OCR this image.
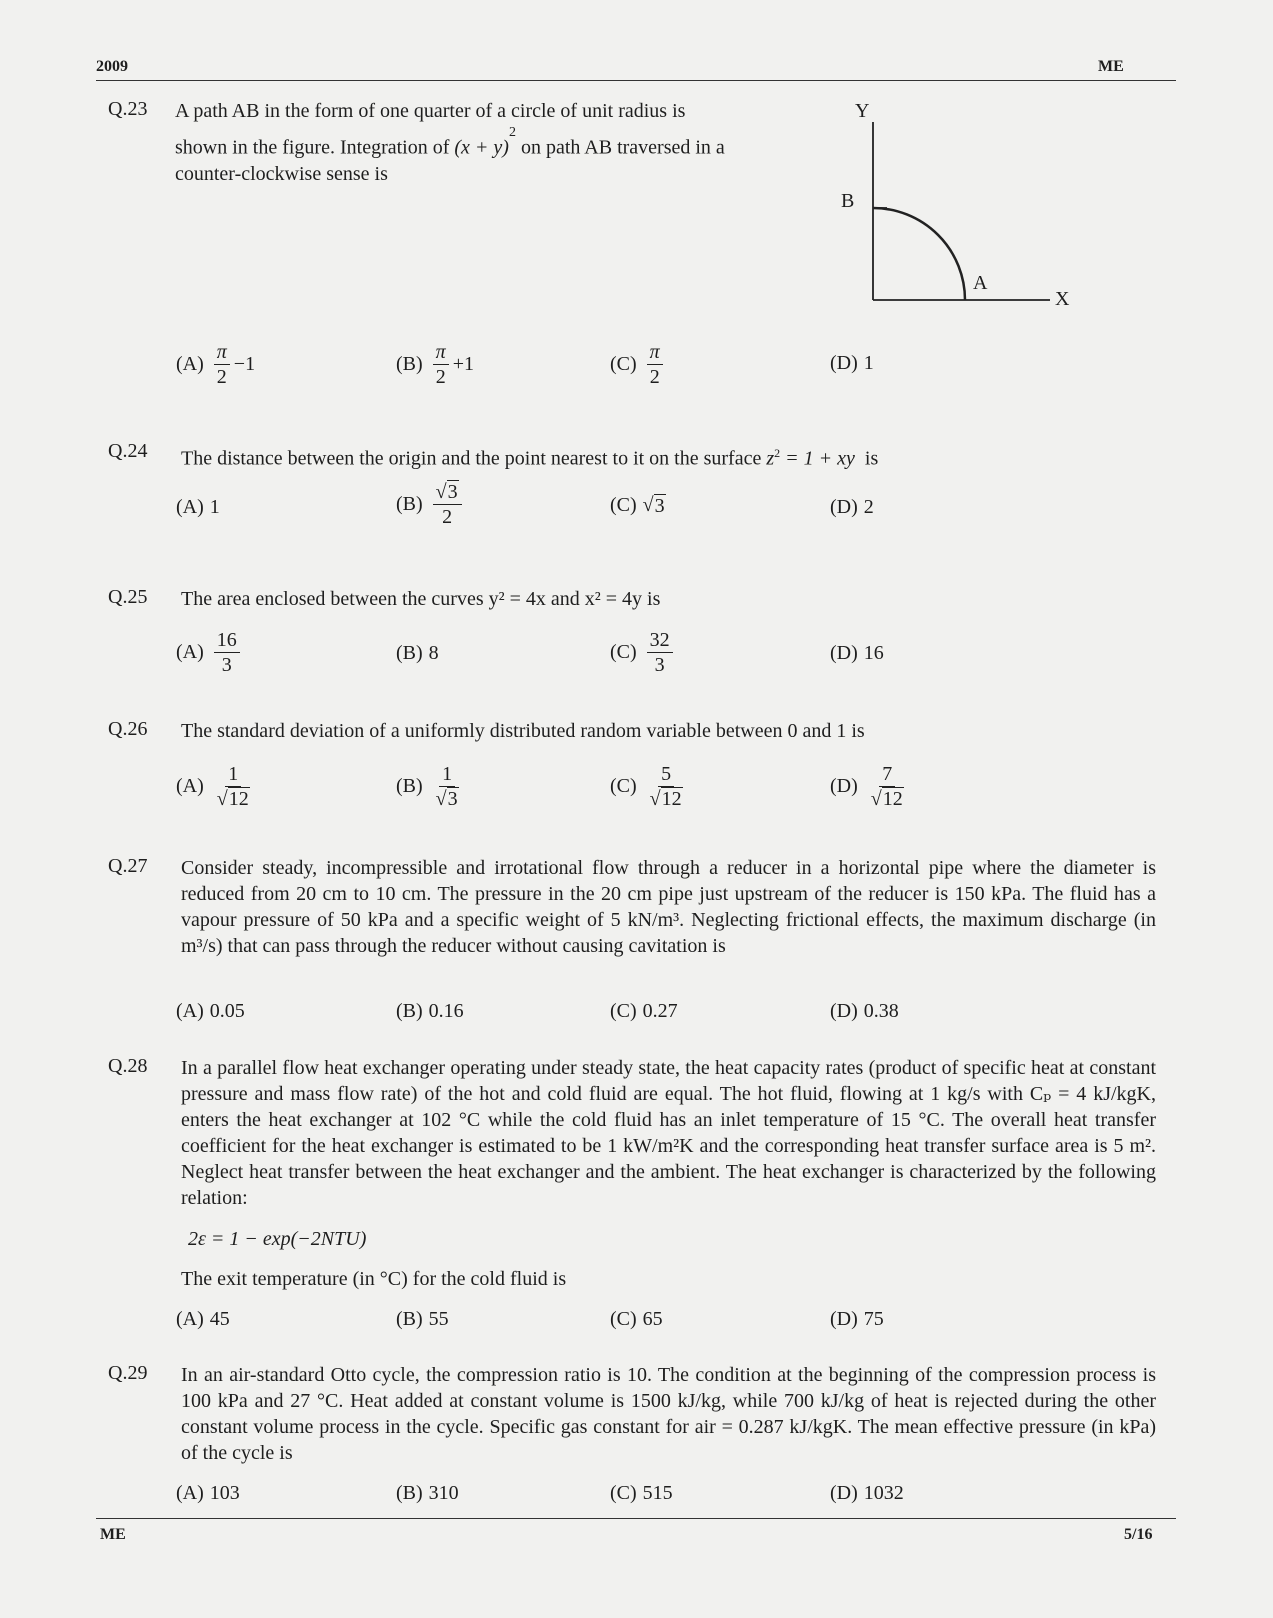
2009	ME
Q.23 A path AB in the form of one quarter of a circle of unit radius is
shown in the figure. Integration of $(x + y)^2$ on path AB traversed in a
counter-clockwise sense is
Y
X
B
A
$(A) \frac{\pi}{2} -1$	$(B) \frac{\pi}{2} +1$	$(C) \frac{\pi}{2}$	(D) 1
Q.24 The distance between the origin and the point nearest to it on the surface $z^2 = 1$ + xy is
(A) 1	$(B) \frac{√ 3}{2}$	(C) √ 3	(D) 2
Q.25 The area enclosed between the curves y² = 4x and x² = 4y is
$(A) \frac{16}{3}$	(B) 8	$(C) \frac{32}{3}$	(D) 16
Q.26 The standard deviation of a uniformly distributed random variable between 0 and 1 is
$(A) \frac{1}{√ 12}$	$(B) \frac{1}{√ 3}$	$(C) \frac{5}{√ 12}$	$(D) \frac{7}{√ 12}$
Q.27 Consider steady, incompressible and irrotational flow through a reducer in a horizontal pipe where the diameter is reduced from 20 cm to 10 cm. The pressure in the 20 cm pipe just upstream of the reducer is 150 kPa. The fluid has a vapour pressure of 50 kPa and a specific weight of 5 kN/m³. Neglecting frictional effects, the maximum discharge (in m³/s) that can pass through the reducer without causing cavitation is
(A) 0.05	(B) 0.16	(C) 0.27	(D) 0.38
Q.28 In a parallel flow heat exchanger operating under steady state, the heat capacity rates (product of specific heat at constant pressure and mass flow rate) of the hot and cold fluid are equal. The hot fluid, flowing at 1 kg/s with Cₚ = 4 kJ/kgK, enters the heat exchanger at 102 °C while the cold fluid has an inlet temperature of 15 °C. The overall heat transfer coefficient for the heat exchanger is estimated to be 1 kW/m²K and the corresponding heat transfer surface area is 5 m². Neglect heat transfer between the heat exchanger and the ambient. The heat exchanger is characterized by the following relation:
2ε = 1 − exp(−2NTU)
The exit temperature (in °C) for the cold fluid is
(A) 45	(B) 55	(C) 65	(D) 75
Q.29 In an air-standard Otto cycle, the compression ratio is 10. The condition at the beginning of the compression process is 100 kPa and 27 °C. Heat added at constant volume is 1500 kJ/kg, while 700 kJ/kg of heat is rejected during the other constant volume process in the cycle. Specific gas constant for air = 0.287 kJ/kgK. The mean effective pressure (in kPa) of the cycle is
(A) 103	(B) 310	(C) 515	(D) 1032
ME	5/16
